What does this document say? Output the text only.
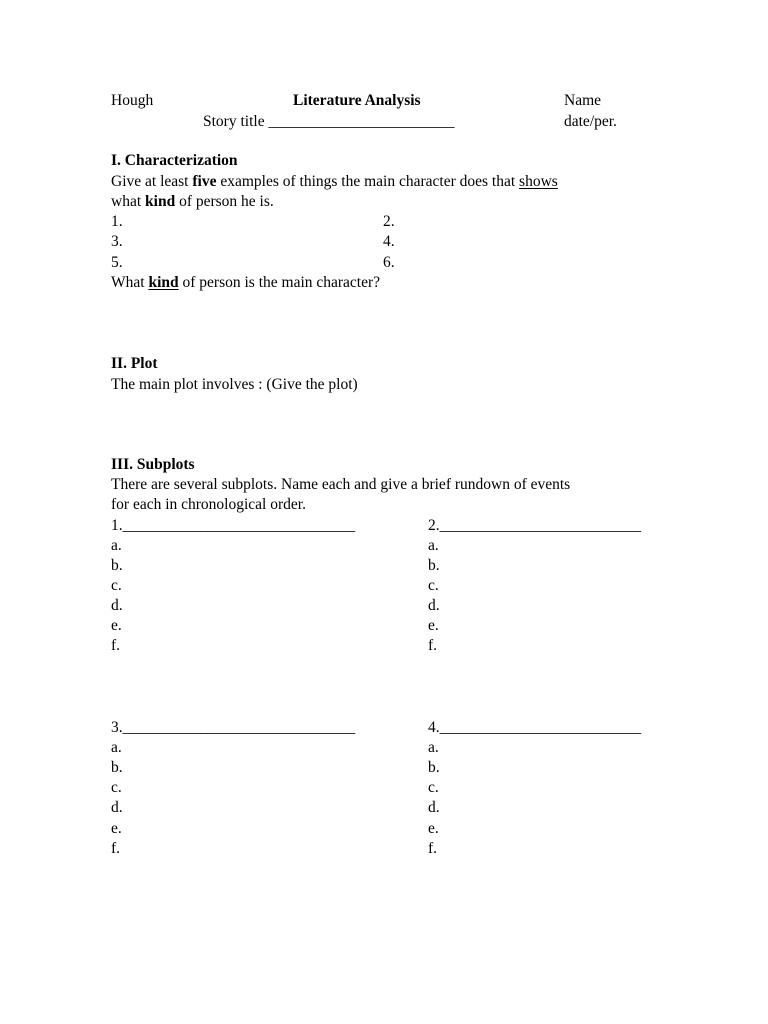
Hough	Literature Analysis	Name
Story title ________________________	date/per.
I. Characterization
Give at least five examples of things the main character does that shows
what kind of person he is.
1.	2.
3.	4.
5.	6.
What kind of person is the main character?
II. Plot
The main plot involves : (Give the plot)
III. Subplots
There are several subplots. Name each and give a brief rundown of events
for each in chronological order.
1.______________________________
a.
b.
c.
d.
e.
f.
2.__________________________
a.
b.
c.
d.
e.
f.
3.______________________________
a.
b.
c.
d.
e.
f.
4.__________________________
a.
b.
c.
d.
e.
f.
